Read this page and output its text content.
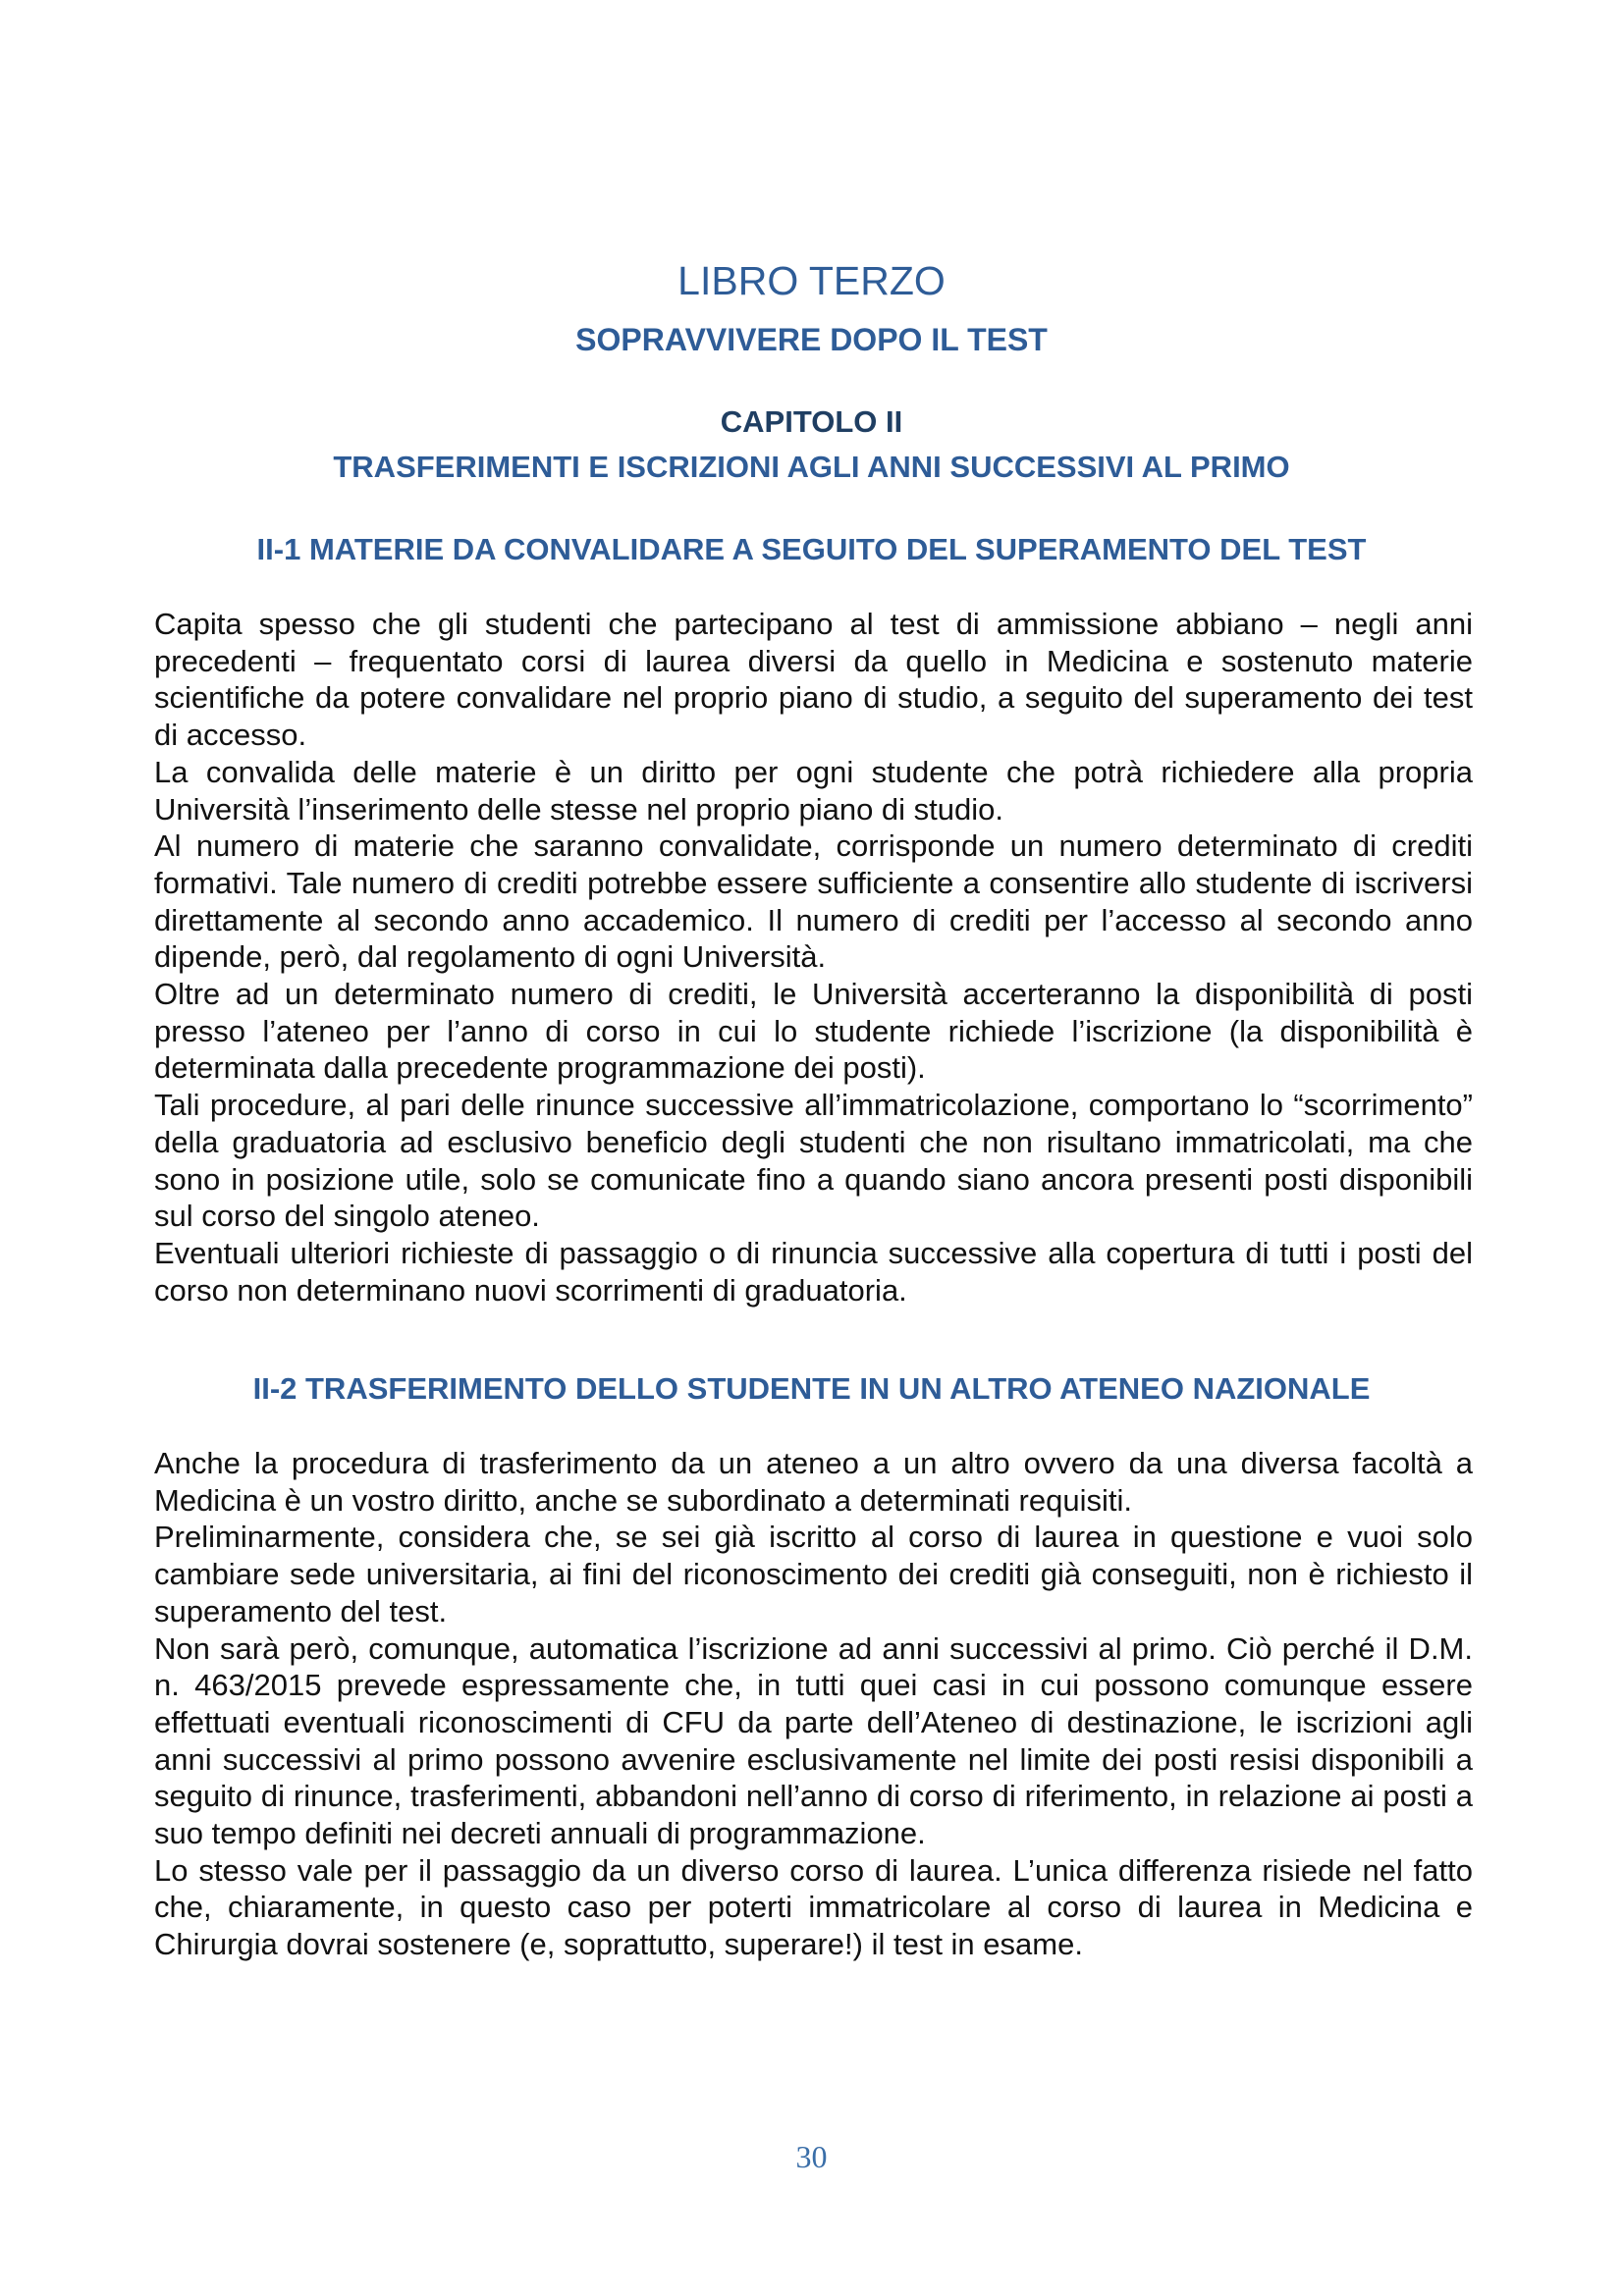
LIBRO TERZO
SOPRAVVIVERE DOPO IL TEST
CAPITOLO II
TRASFERIMENTI E ISCRIZIONI AGLI ANNI SUCCESSIVI AL PRIMO
II-1 MATERIE DA CONVALIDARE A SEGUITO DEL SUPERAMENTO DEL TEST

Capita spesso che gli studenti che partecipano al test di ammissione abbiano – negli anni precedenti – frequentato corsi di laurea diversi da quello in Medicina e sostenuto materie scientifiche da potere convalidare nel proprio piano di studio, a seguito del superamento dei test di accesso.

La convalida delle materie è un diritto per ogni studente che potrà richiedere alla propria Università l’inserimento delle stesse nel proprio piano di studio.

Al numero di materie che saranno convalidate, corrisponde un numero determinato di crediti formativi. Tale numero di crediti potrebbe essere sufficiente a consentire allo studente di iscriversi direttamente al secondo anno accademico. Il numero di crediti per l’accesso al secondo anno dipende, però, dal regolamento di ogni Università.

Oltre ad un determinato numero di crediti, le Università accerteranno la disponibilità di posti presso l’ateneo per l’anno di corso in cui lo studente richiede l’iscrizione (la disponibilità è determinata dalla precedente programmazione dei posti).

Tali procedure, al pari delle rinunce successive all’immatricolazione, comportano lo “scorrimento” della graduatoria ad esclusivo beneficio degli studenti che non risultano immatricolati, ma che sono in posizione utile, solo se comunicate fino a quando siano ancora presenti posti disponibili sul corso del singolo ateneo.

Eventuali ulteriori richieste di passaggio o di rinuncia successive alla copertura di tutti i posti del corso non determinano nuovi scorrimenti di graduatoria.

II-2 TRASFERIMENTO DELLO STUDENTE IN UN ALTRO ATENEO NAZIONALE

Anche la procedura di trasferimento da un ateneo a un altro ovvero da una diversa facoltà a Medicina è un vostro diritto, anche se subordinato a determinati requisiti.

Preliminarmente, considera che, se sei già iscritto al corso di laurea in questione e vuoi solo cambiare sede universitaria, ai fini del riconoscimento dei crediti già conseguiti, non è richiesto il superamento del test.

Non sarà però, comunque, automatica l’iscrizione ad anni successivi al primo. Ciò perché il D.M. n. 463/2015 prevede espressamente che, in tutti quei casi in cui possono comunque essere effettuati eventuali riconoscimenti di CFU da parte dell’Ateneo di destinazione, le iscrizioni agli anni successivi al primo possono avvenire esclusivamente nel limite dei posti resisi disponibili a seguito di rinunce, trasferimenti, abbandoni nell’anno di corso di riferimento, in relazione ai posti a suo tempo definiti nei decreti annuali di programmazione.

Lo stesso vale per il passaggio da un diverso corso di laurea. L’unica differenza risiede nel fatto che, chiaramente, in questo caso per poterti immatricolare al corso di laurea in Medicina e Chirurgia dovrai sostenere (e, soprattutto, superare!) il test in esame.

30
